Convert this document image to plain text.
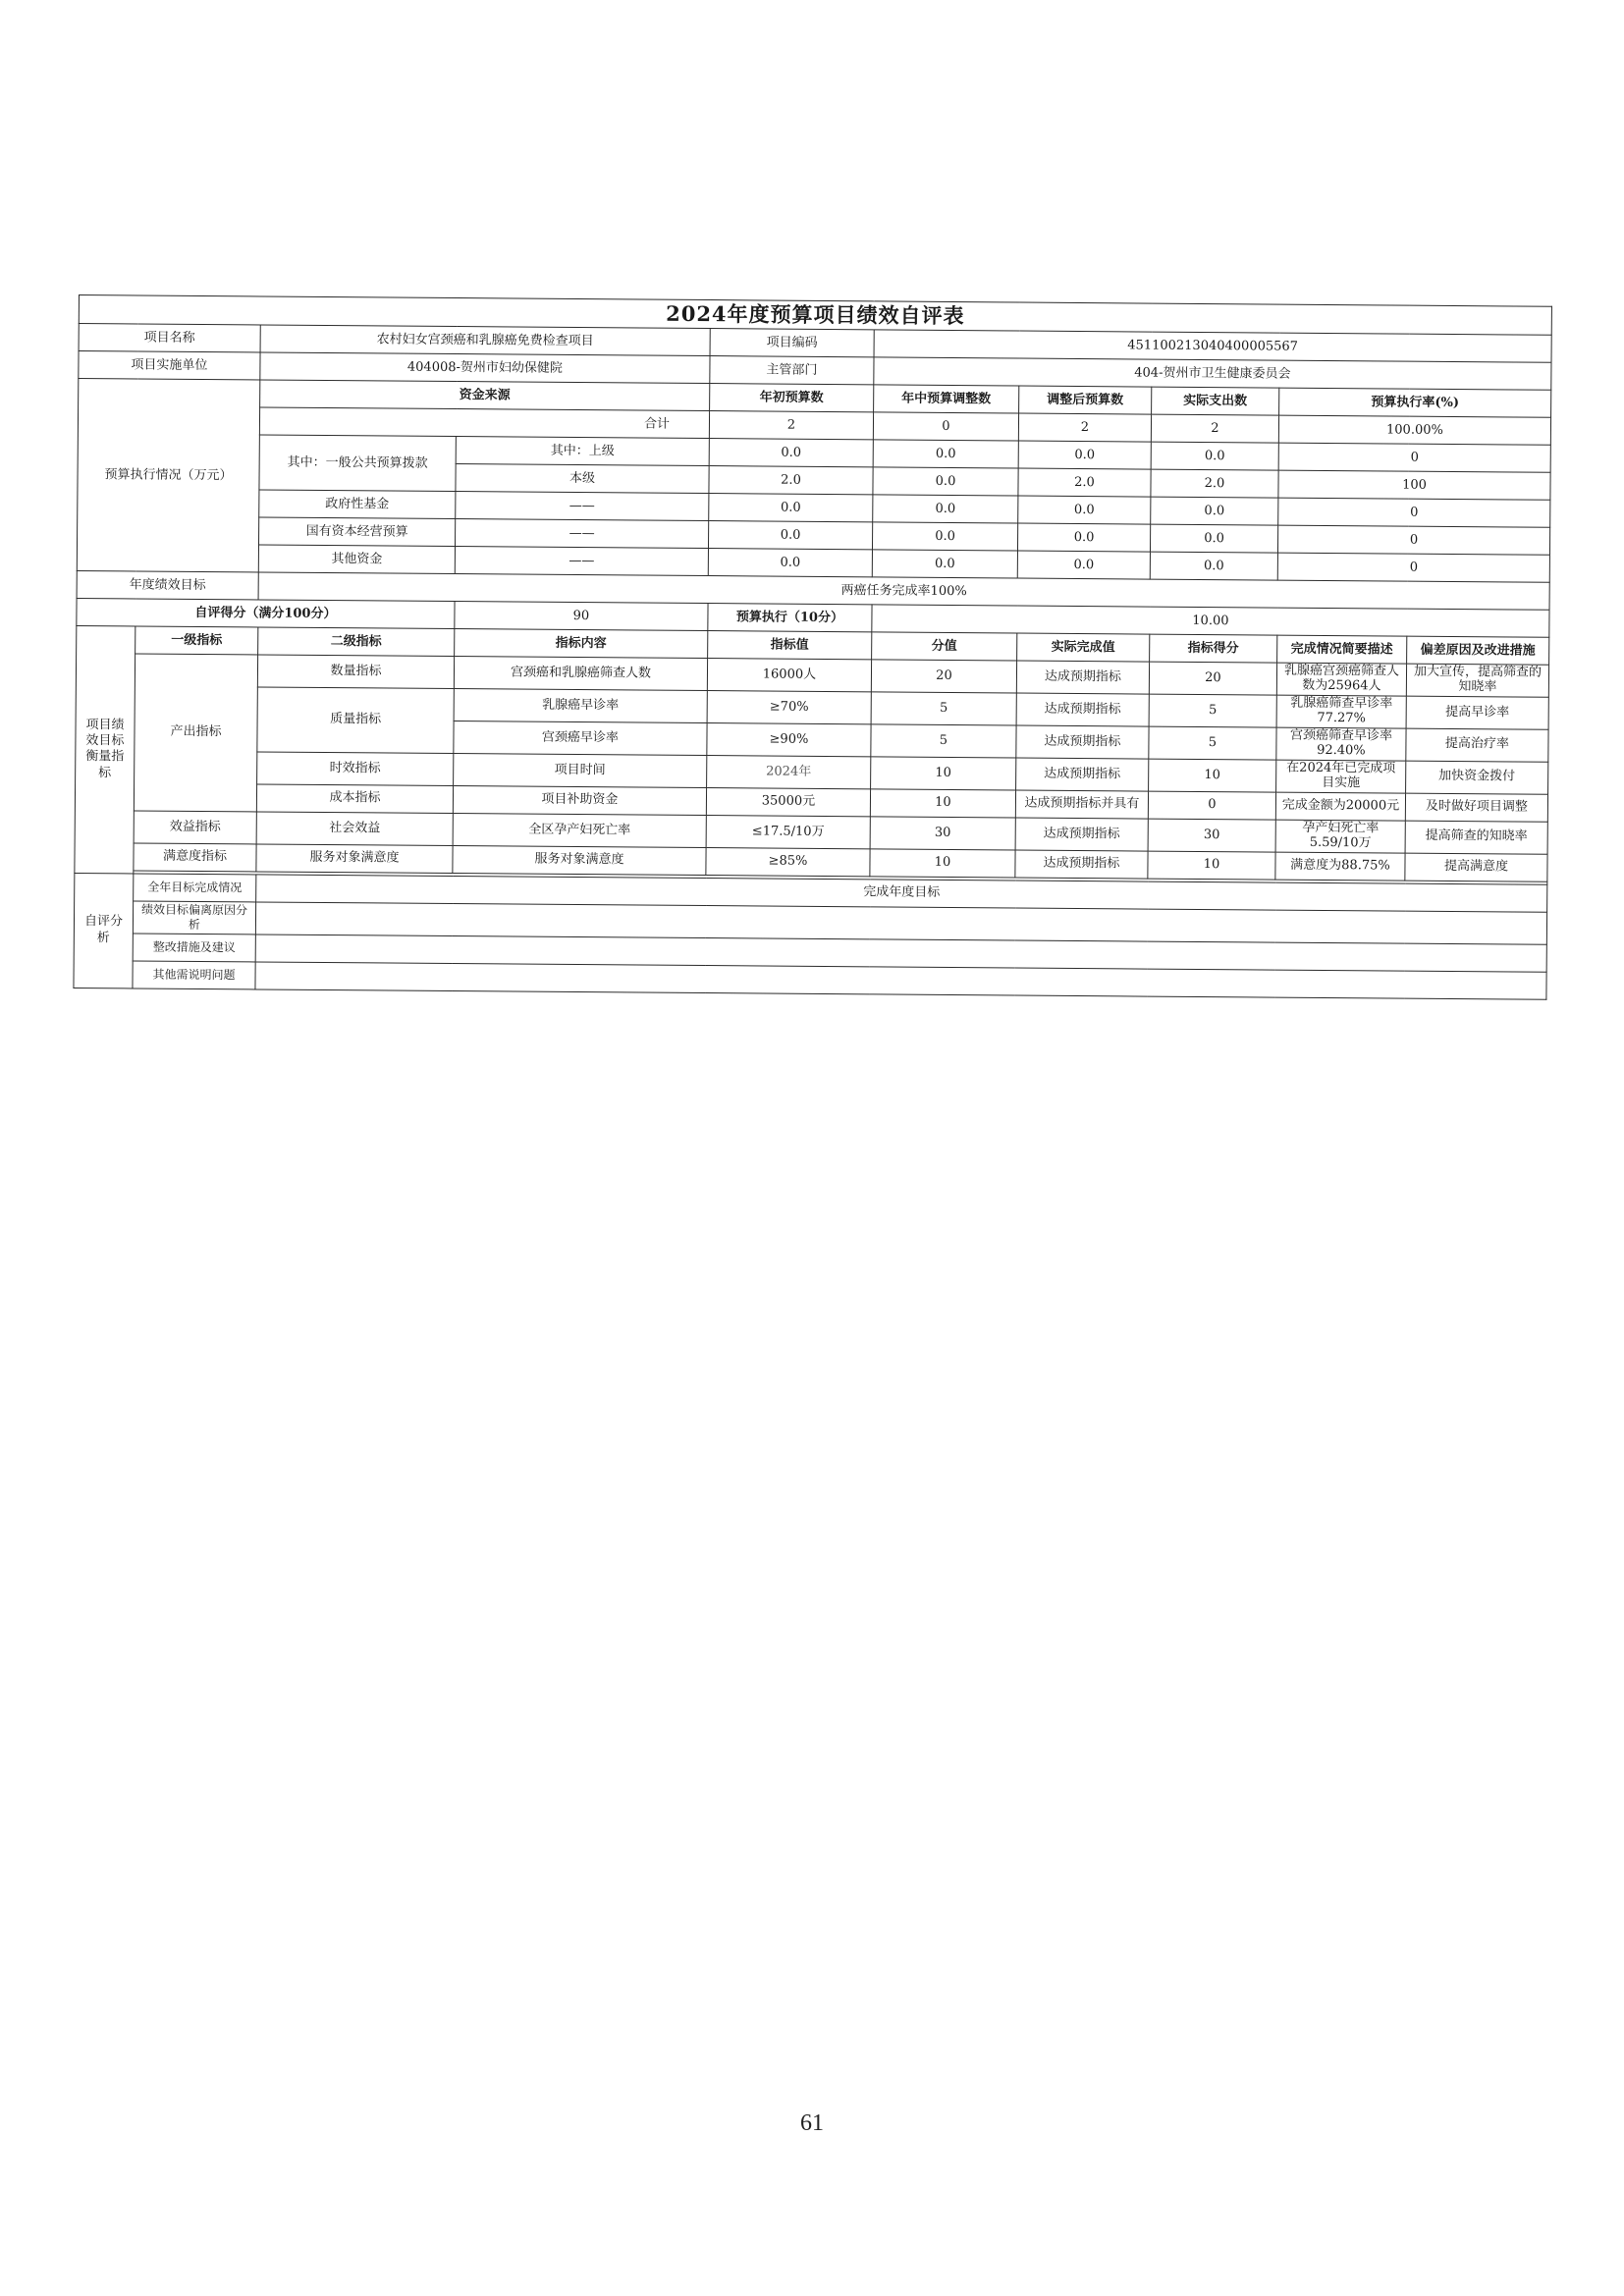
2024年度预算项目绩效自评表									
项目名称		农村妇女宫颈癌和乳腺癌免费检查项目		项目编码	451100213040400005567				
项目实施单位		404008-贺州市妇幼保健院		主管部门	404-贺州市卫生健康委员会				
预算执行情况（万元）		资金来源		年初预算数	年中预算调整数	调整后预算数	实际支出数	预算执行率(%)	
		合计		2	0	2	2	100.00%	
		其中：一般公共预算拨款	其中：上级	0.0	0.0	0.0	0.0	0	
			本级	2.0	0.0	2.0	2.0	100	
		政府性基金	——	0.0	0.0	0.0	0.0	0	
		国有资本经营预算	——	0.0	0.0	0.0	0.0	0	
		其他资金	——	0.0	0.0	0.0	0.0	0	
年度绩效目标		两癌任务完成率100%							
自评得分（满分100分）			90	预算执行（10分）	10.00				
项目绩效目标衡量指标	一级指标	二级指标	指标内容	指标值	分值	实际完成值	指标得分	完成情况简要描述	偏差原因及改进措施
	产出指标	数量指标	宫颈癌和乳腺癌筛查人数	16000人	20	达成预期指标	20	乳腺癌宫颈癌筛查人数为25964人	加大宣传，提高筛查的知晓率
		质量指标	乳腺癌早诊率	≥70%	5	达成预期指标	5	乳腺癌筛查早诊率77.27%	提高早诊率
			宫颈癌早诊率	≥90%	5	达成预期指标	5	宫颈癌筛查早诊率92.40%	提高治疗率
		时效指标	项目时间	2024年	10	达成预期指标	10	在2024年已完成项目实施	加快资金拨付
		成本指标	项目补助资金	35000元	10	达成预期指标并具有	0	完成金额为20000元	及时做好项目调整
	效益指标	社会效益	全区孕产妇死亡率	≤17.5/10万	30	达成预期指标	30	孕产妇死亡率5.59/10万	提高筛查的知晓率
	满意度指标	服务对象满意度	服务对象满意度	≥85%	10	达成预期指标	10	满意度为88.75%	提高满意度

自评分析	全年目标完成情况	完成年度目标							
	绩效目标偏离原因分析								
	整改措施及建议								
	其他需说明问题								
61
